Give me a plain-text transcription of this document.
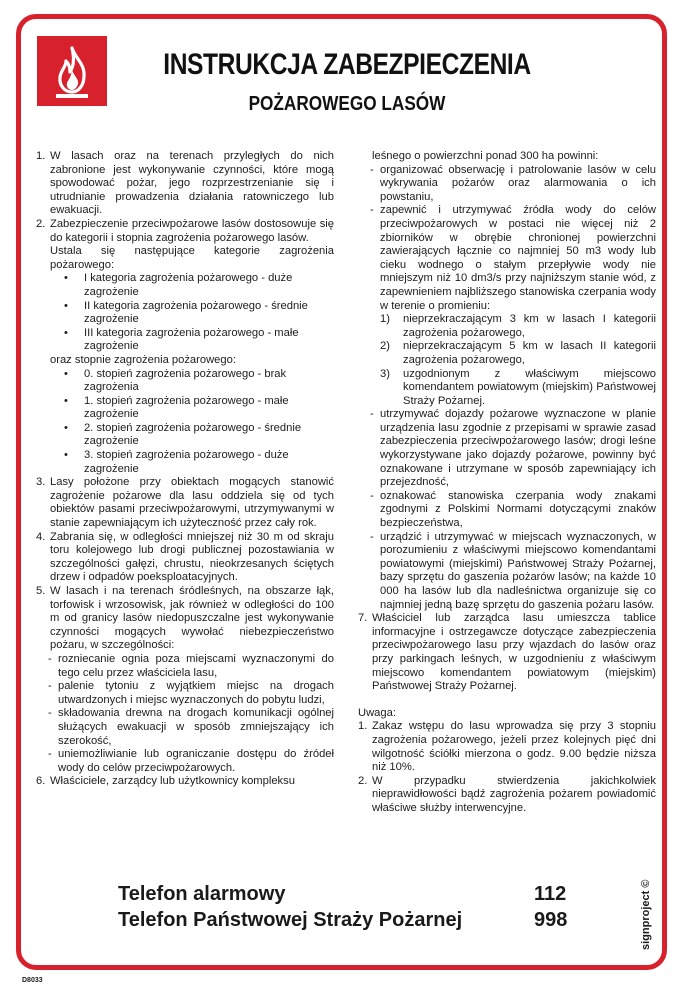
INSTRUKCJA ZABEZPIECZENIA
POŻAROWEGO LASÓW
1. W lasach oraz na terenach przyległych do nich zabronione jest wykonywanie czynności, które mogą spowodować pożar, jego rozprzestrzenianie się i utrudnianie prowadzenia działania ratowniczego lub ewakuacji.
2. Zabezpieczenie przeciwpożarowe lasów dostosowuje się do kategorii i stopnia zagrożenia pożarowego lasów.
Ustala się następujące kategorie zagrożenia pożarowego:
• I kategoria zagrożenia pożarowego - duże zagrożenie
• II kategoria zagrożenia pożarowego - średnie zagrożenie
• III kategoria zagrożenia pożarowego - małe zagrożenie
oraz stopnie zagrożenia pożarowego:
• 0. stopień zagrożenia pożarowego - brak zagrożenia
• 1. stopień zagrożenia pożarowego - małe zagrożenie
• 2. stopień zagrożenia pożarowego - średnie zagrożenie
• 3. stopień zagrożenia pożarowego - duże zagrożenie
3. Lasy położone przy obiektach mogących stanowić zagrożenie pożarowe dla lasu oddziela się od tych obiektów pasami przeciwpożarowymi, utrzymywanymi w stanie zapewniającym ich użyteczność przez cały rok.
4. Zabrania się, w odległości mniejszej niż 30 m od skraju toru kolejowego lub drogi publicznej pozostawiania w szczególności gałęzi, chrustu, nieokrzesanych ściętych drzew i odpadów poeksploatacyjnych.
5. W lasach i na terenach śródleśnych, na obszarze łąk, torfowisk i wrzosowisk, jak również w odległości do 100 m od granicy lasów niedopuszczalne jest wykonywanie czynności mogących wywołać niebezpieczeństwo pożaru, w szczególności:
- rozniecanie ognia poza miejscami wyznaczonymi do tego celu przez właściciela lasu,
- palenie tytoniu z wyjątkiem miejsc na drogach utwardzonych i miejsc wyznaczonych do pobytu ludzi,
- składowania drewna na drogach komunikacji ogólnej służących ewakuacji w sposób zmniejszający ich szerokość,
- uniemożliwianie lub ograniczanie dostępu do źródeł wody do celów przeciwpożarowych.
6. Właściciele, zarządcy lub użytkownicy kompleksu
leśnego o powierzchni ponad 300 ha powinni:
- organizować obserwację i patrolowanie lasów w celu wykrywania pożarów oraz alarmowania o ich powstaniu,
- zapewnić i utrzymywać źródła wody do celów przeciwpożarowych w postaci nie więcej niż 2 zbiorników w obrębie chronionej powierzchni zawierających łącznie co najmniej 50 m3 wody lub cieku wodnego o stałym przepływie wody nie mniejszym niż 10 dm3/s przy najniższym stanie wód, z zapewnieniem najbliższego stanowiska czerpania wody w terenie o promieniu:
1) nieprzekraczającym 3 km w lasach I kategorii zagrożenia pożarowego,
2) nieprzekraczającym 5 km w lasach II kategorii zagrożenia pożarowego,
3) uzgodnionym z właściwym miejscowo komendantem powiatowym (miejskim) Państwowej Straży Pożarnej.
- utrzymywać dojazdy pożarowe wyznaczone w planie urządzenia lasu zgodnie z przepisami w sprawie zasad zabezpieczenia przeciwpożarowego lasów; drogi leśne wykorzystywane jako dojazdy pożarowe, powinny być oznakowane i utrzymane w sposób zapewniający ich przejezdność,
- oznakować stanowiska czerpania wody znakami zgodnymi z Polskimi Normami dotyczącymi znaków bezpieczeństwa,
- urządzić i utrzymywać w miejscach wyznaczonych, w porozumieniu z właściwymi miejscowo komendantami powiatowymi (miejskimi) Państwowej Straży Pożarnej, bazy sprzętu do gaszenia pożarów lasów; na każde 10 000 ha lasów lub dla nadleśnictwa organizuje się co najmniej jedną bazę sprzętu do gaszenia pożaru lasów.
7. Właściciel lub zarządca lasu umieszcza tablice informacyjne i ostrzegawcze dotyczące zabezpieczenia przeciwpożarowego lasu przy wjazdach do lasów oraz przy parkingach leśnych, w uzgodnieniu z właściwym miejscowo komendantem powiatowym (miejskim) Państwowej Straży Pożarnej.
Uwaga:
1. Zakaz wstępu do lasu wprowadza się przy 3 stopniu zagrożenia pożarowego, jeżeli przez kolejnych pięć dni wilgotność ściółki mierzona o godz. 9.00 będzie niższa niż 10%.
2. W przypadku stwierdzenia jakichkolwiek nieprawidłowości bądź zagrożenia pożarem powiadomić właściwe służby interwencyjne.
Telefon alarmowy	112
Telefon Państwowej Straży Pożarnej	998	signproject ©
D8033
